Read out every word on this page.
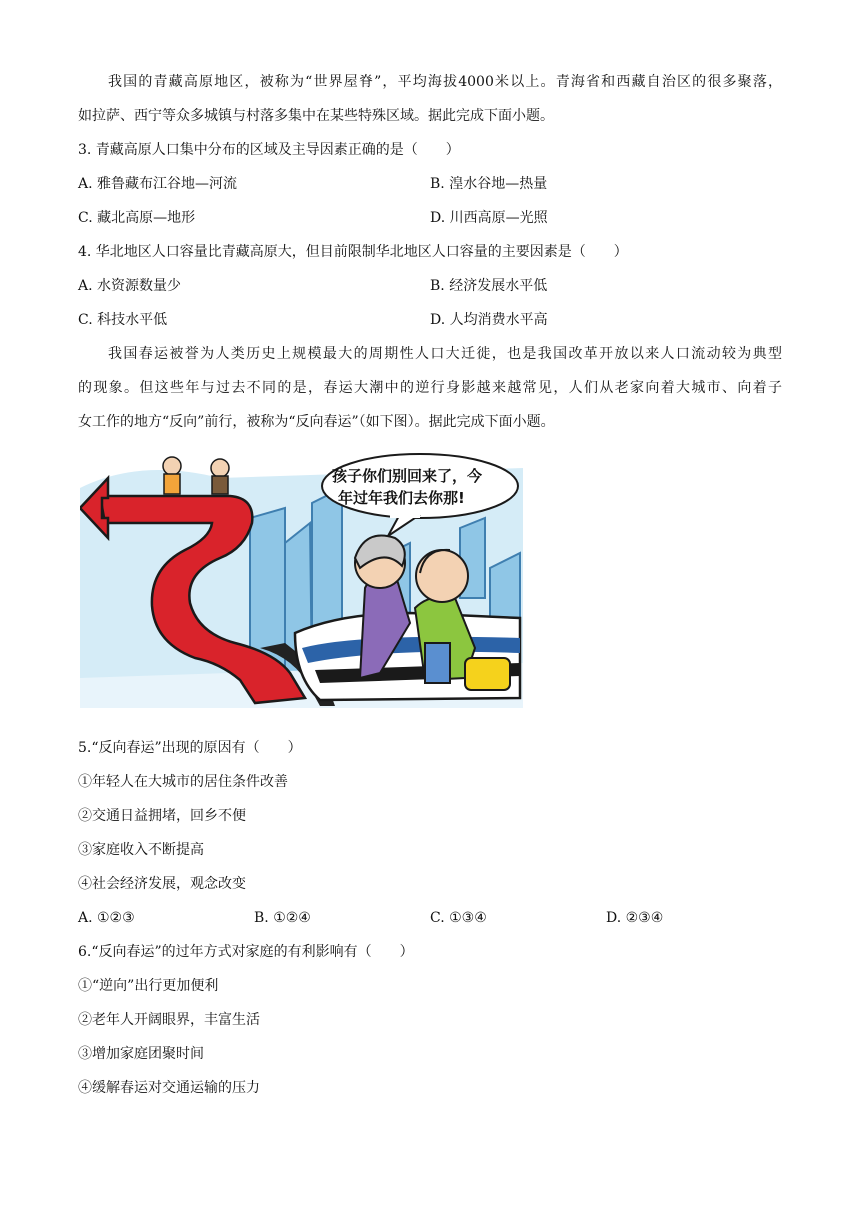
我国的青藏高原地区，被称为“世界屋脊”，平均海拔4000米以上。青海省和西藏自治区的很多聚落，
如拉萨、西宁等众多城镇与村落多集中在某些特殊区域。据此完成下面小题。
3. 青藏高原人口集中分布的区域及主导因素正确的是（　　）
A. 雅鲁藏布江谷地—河流	B. 湟水谷地—热量
C. 藏北高原—地形	D. 川西高原—光照
4. 华北地区人口容量比青藏高原大，但目前限制华北地区人口容量的主要因素是（　　）
A. 水资源数量少	B. 经济发展水平低
C. 科技水平低	D. 人均消费水平高
我国春运被誉为人类历史上规模最大的周期性人口大迁徙，也是我国改革开放以来人口流动较为典型
的现象。但这些年与过去不同的是，春运大潮中的逆行身影越来越常见，人们从老家向着大城市、向着子
女工作的地方“反向”前行，被称为“反向春运”（如下图）。据此完成下面小题。
孩子你们别回来了，今
年过年我们去你那!
5.“反向春运”出现的原因有（　　）
①年轻人在大城市的居住条件改善
②交通日益拥堵，回乡不便
③家庭收入不断提高
④社会经济发展，观念改变
A. ①②③	B. ①②④	C. ①③④	D. ②③④
6.“反向春运”的过年方式对家庭的有利影响有（　　）
①“逆向”出行更加便利
②老年人开阔眼界，丰富生活
③增加家庭团聚时间
④缓解春运对交通运输的压力
